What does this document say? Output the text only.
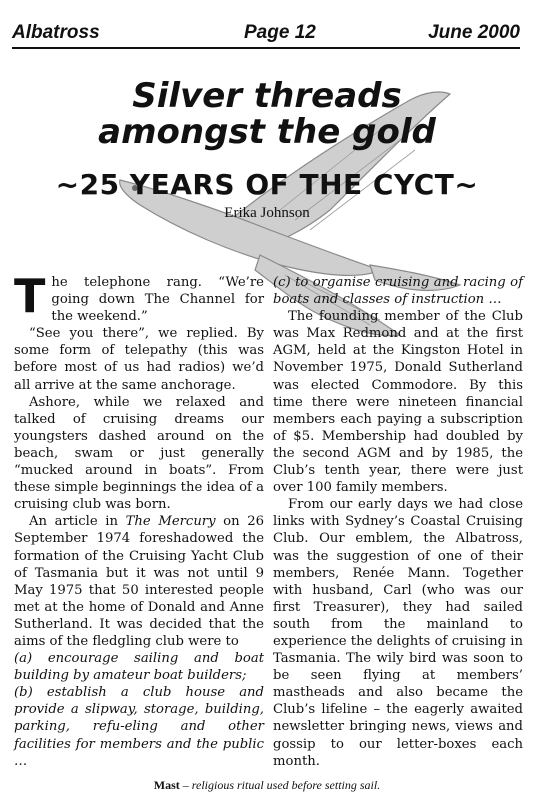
Albatross	Page 12	June 2000
Silver threads
amongst the gold
~25 YEARS OF THE CYCT~
Erika Johnson

The telephone rang. “We’re going down The Channel for the weekend.”

“See you there”, we replied. By some form of telepathy (this was before most of us had radios) we’d all arrive at the same anchorage.

Ashore, while we relaxed and talked of cruising dreams our youngsters dashed around on the beach, swam or just generally “mucked around in boats”. From these simple beginnings the idea of a cruising club was born.

An article in The Mercury on 26 September 1974 foreshadowed the formation of the Cruising Yacht Club of Tasmania but it was not until 9 May 1975 that 50 interested people met at the home of Donald and Anne Sutherland. It was decided that the aims of the fledgling club were to

(a) encourage sailing and boat building by amateur boat builders;

(b) establish a club house and provide a slipway, storage, building, parking, refu-eling and other facilities for members and the public …

(c) to organise cruising and racing of boats and classes of instruction …

The founding member of the Club was Max Redmond and at the first AGM, held at the Kingston Hotel in November 1975, Donald Sutherland was elected Commodore. By this time there were nineteen financial members each paying a subscription of $5. Membership had doubled by the second AGM and by 1985, the Club’s tenth year, there were just over 100 family members.

From our early days we had close links with Sydney’s Coastal Cruising Club. Our emblem, the Albatross, was the suggestion of one of their members, Renée Mann. Together with husband, Carl (who was our first Treasurer), they had sailed south from the mainland to experience the delights of cruising in Tasmania. The wily bird was soon to be seen flying at members’ mastheads and also became the Club’s lifeline – the eagerly awaited newsletter bringing news, views and gossip to our letter-boxes each month.

Mast – religious ritual used before setting sail.
